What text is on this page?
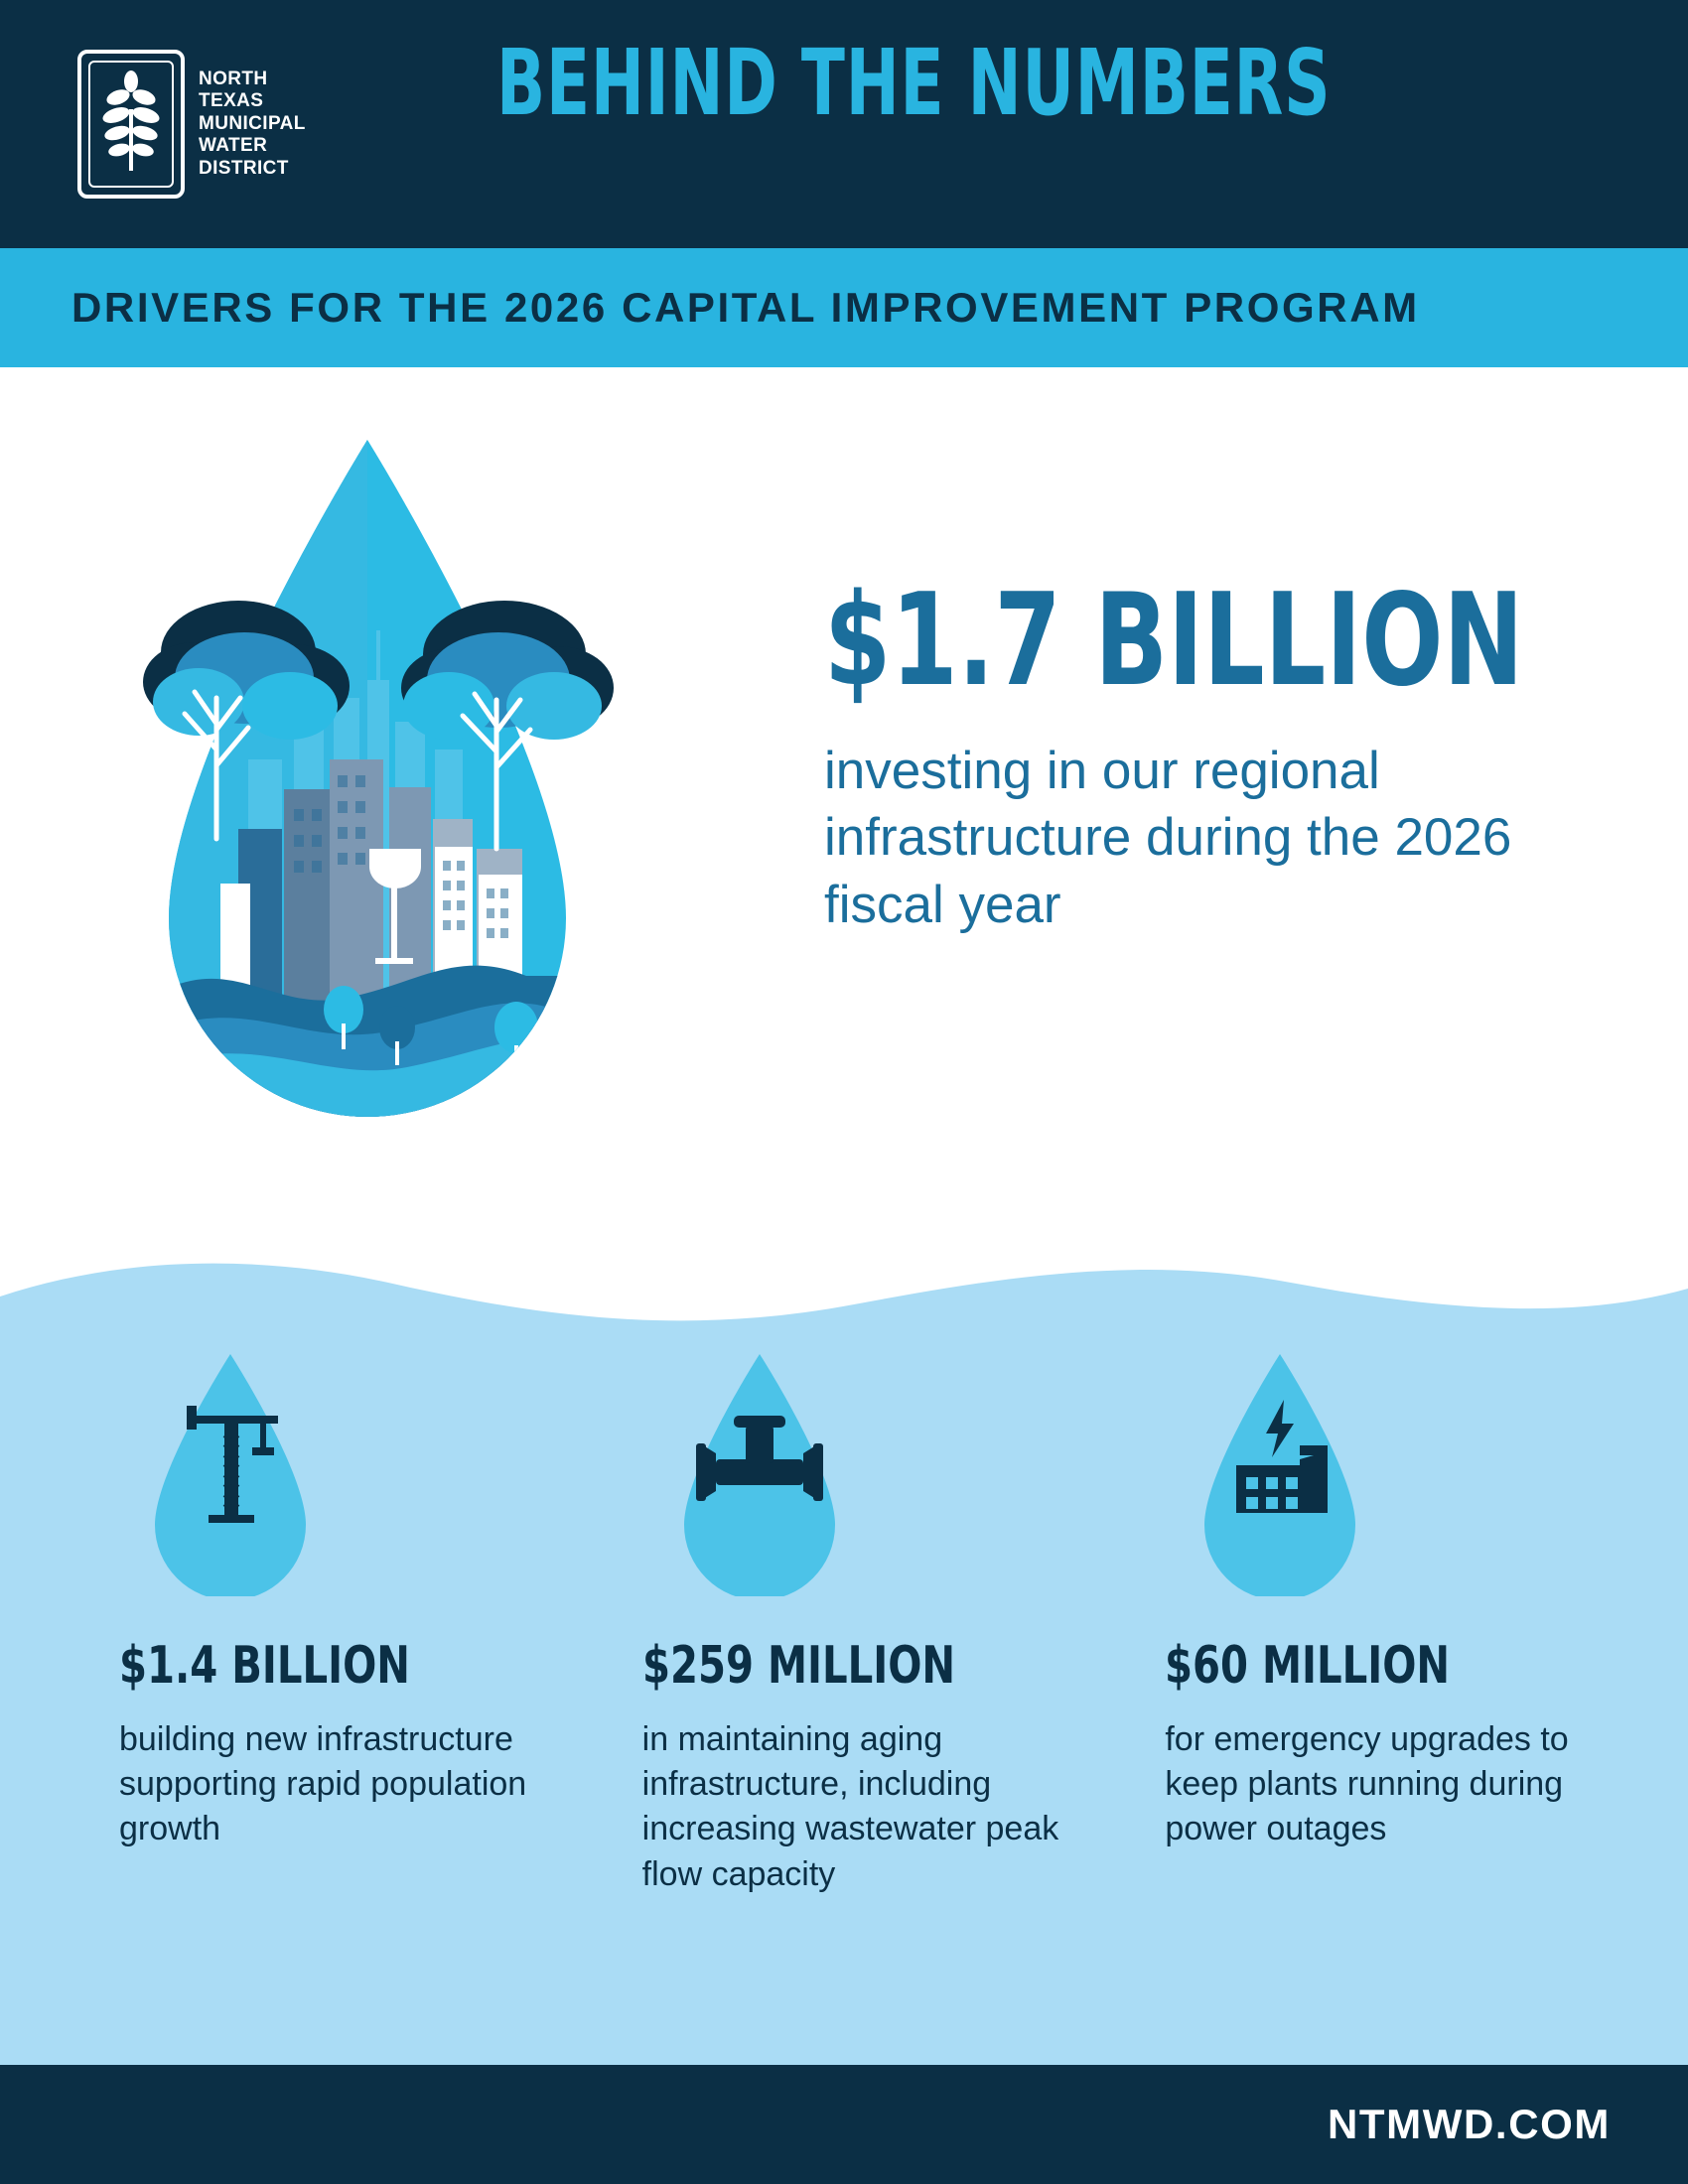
NORTH
TEXAS
MUNICIPAL
WATER
DISTRICT
BEHIND THE NUMBERS
DRIVERS FOR THE 2026 CAPITAL IMPROVEMENT PROGRAM
$1.7 BILLION
investing in our regional infrastructure during the 2026 fiscal year
$1.4 BILLION
building new infrastructure supporting rapid population growth
$259 MILLION
in maintaining aging infrastructure, including increasing wastewater peak flow capacity
$60 MILLION
for emergency upgrades to keep plants running during power outages
NTMWD.COM
